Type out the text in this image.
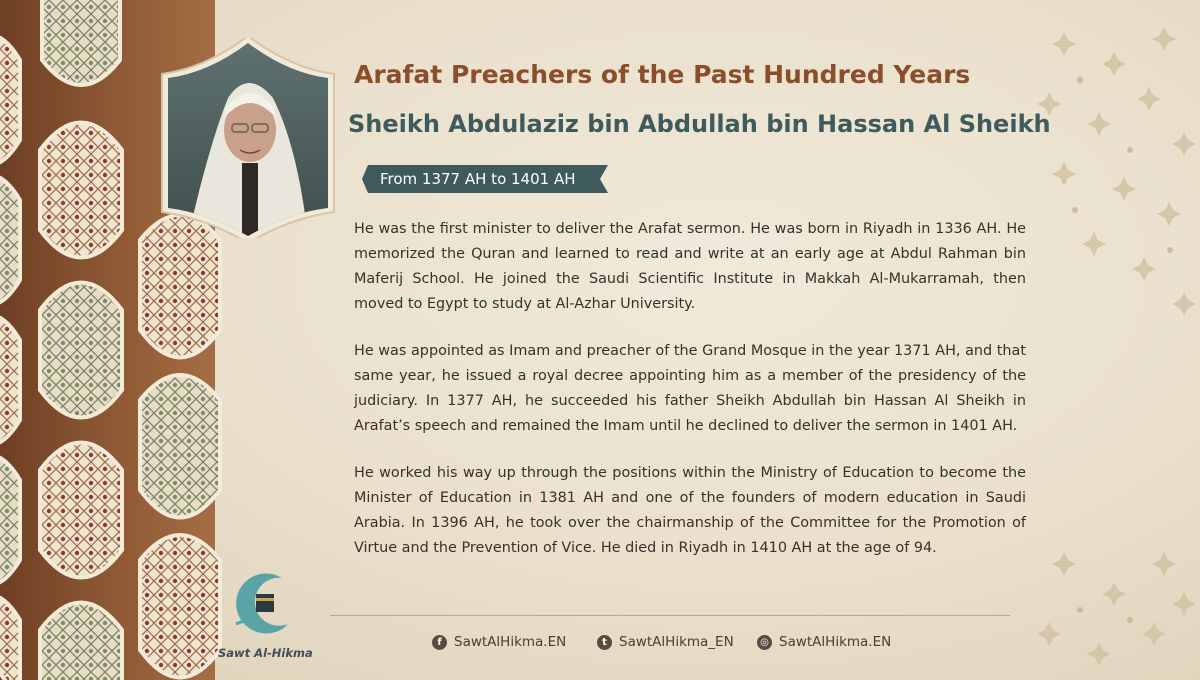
Arafat Preachers of the Past Hundred Years
Sheikh Abdulaziz bin Abdullah bin Hassan Al Sheikh
From 1377 AH to 1401 AH

He was the first minister to deliver the Arafat sermon. He was born in Riyadh in 1336 AH. He memorized the Quran and learned to read and write at an early age at Abdul Rahman bin Maferij School. He joined the Saudi Scientific Institute in Makkah Al-Mukarramah, then moved to Egypt to study at Al-Azhar University.

He was appointed as Imam and preacher of the Grand Mosque in the year 1371 AH, and that same year, he issued a royal decree appointing him as a member of the presidency of the judiciary. In 1377 AH, he succeeded his father Sheikh Abdullah bin Hassan Al Sheikh in Arafat’s speech and remained the Imam until he declined to deliver the sermon in 1401 AH.

He worked his way up through the positions within the Ministry of Education to become the Minister of Education in 1381 AH and one of the founders of modern education in Saudi Arabia. In 1396 AH, he took over the chairmanship of the Committee for the Promotion of Virtue and the Prevention of Vice. He died in Riyadh in 1410 AH at the age of 94.

f SawtAlHikma.EN	t SawtAlHikma_EN	◎ SawtAlHikma.EN
Sawt Al-Hikma
